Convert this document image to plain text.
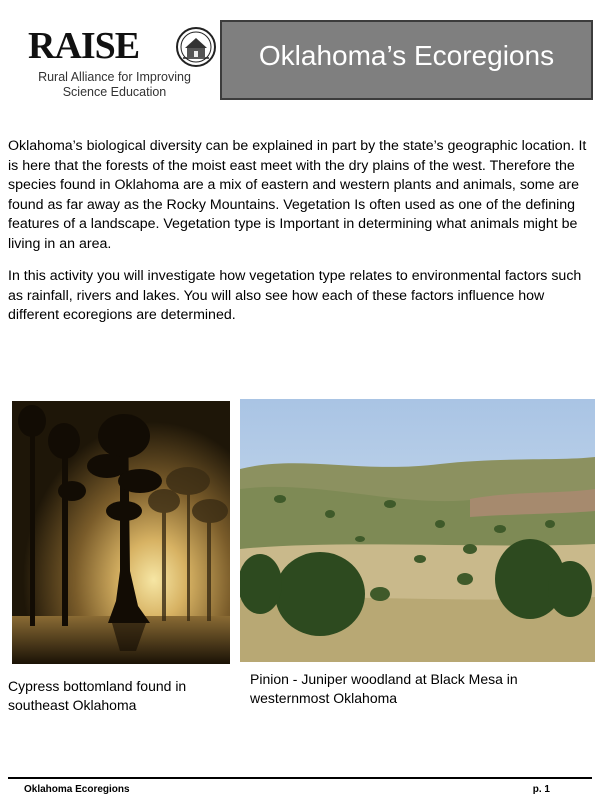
RAISE
Rural Alliance for Improving
Science Education
Oklahoma’s Ecoregions

Oklahoma’s biological diversity can be explained in part by the state’s geographic location. It is here that the forests of the moist east meet with the dry plains of the west. Therefore the species found in Oklahoma are a mix of eastern and western plants and animals, some are found as far away as the Rocky Mountains. Vegetation Is often used as one of the defining features of a landscape. Vegetation type is Important in determining what animals might be living in an area.

In this activity you will investigate how vegetation type relates to environmental factors such as rainfall, rivers and lakes. You will also see how each of these factors influence how different ecoregions are determined.

Cypress bottomland found in southeast Oklahoma

Pinion - Juniper woodland at Black Mesa in westernmost Oklahoma

Oklahoma Ecoregions	p. 1
